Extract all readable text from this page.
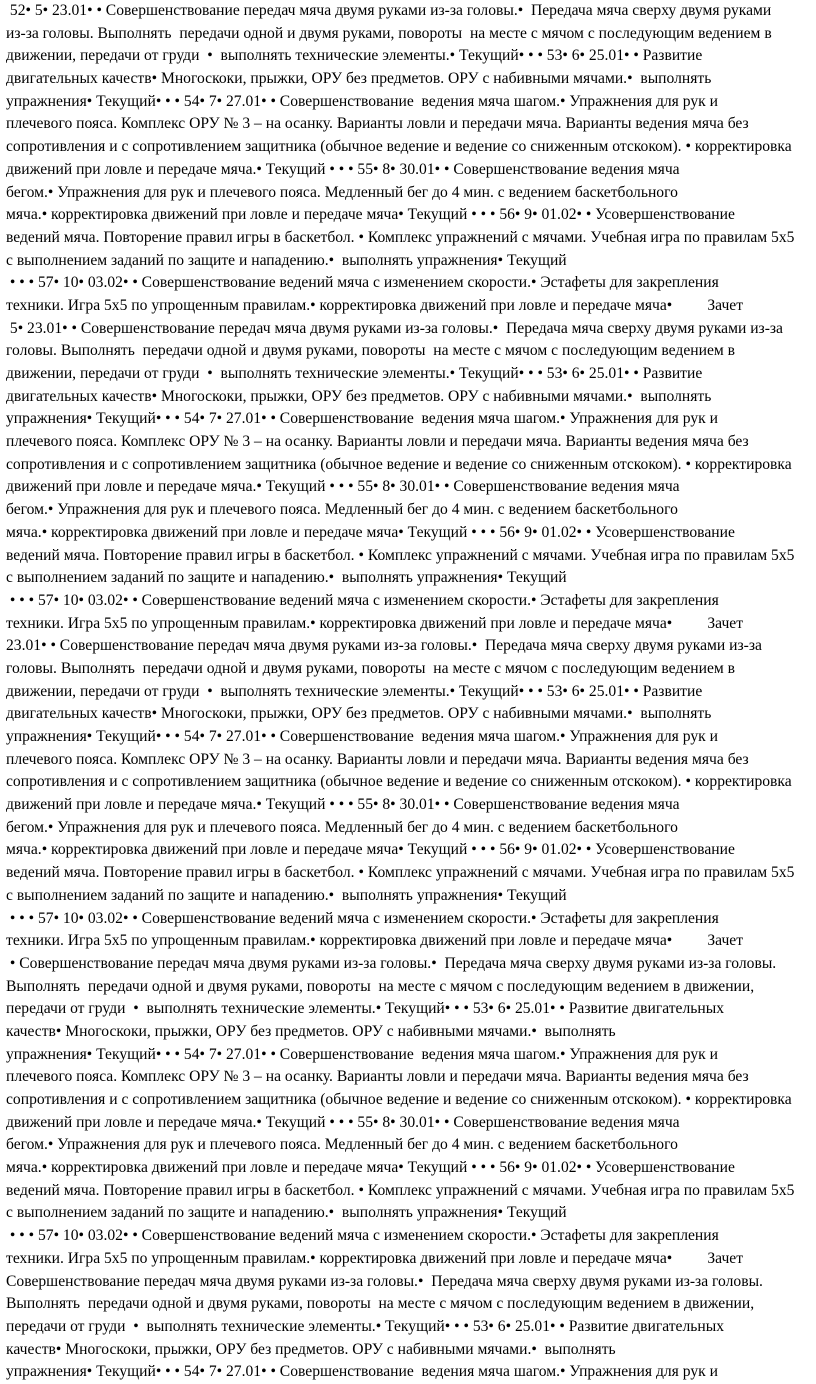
52• 5• 23.01• • Совершенствование передач мяча двумя руками из-за головы.•  Передача мяча сверху двумя руками
из-за головы. Выполнять  передачи одной и двумя руками, повороты  на месте с мячом с последующим ведением в
движении, передачи от груди  •  выполнять технические элементы.• Текущий• • • 53• 6• 25.01• • Развитие
двигательных качеств• Многоскоки, прыжки, ОРУ без предметов. ОРУ с набивными мячами.•  выполнять
упражнения• Текущий• • • 54• 7• 27.01• • Совершенствование  ведения мяча шагом.• Упражнения для рук и
плечевого пояса. Комплекс ОРУ № 3 – на осанку. Варианты ловли и передачи мяча. Варианты ведения мяча без
сопротивления и с сопротивлением защитника (обычное ведение и ведение со сниженным отскоком). • корректировка
движений при ловле и передаче мяча.• Текущий • • • 55• 8• 30.01• • Совершенствование ведения мяча
бегом.• Упражнения для рук и плечевого пояса. Медленный бег до 4 мин. с ведением баскетбольного
мяча.• корректировка движений при ловле и передаче мяча• Текущий • • • 56• 9• 01.02• • Усовершенствование
ведений мяча. Повторение правил игры в баскетбол. • Комплекс упражнений с мячами. Учебная игра по правилам 5х5
с выполнением заданий по защите и нападению.•  выполнять упражнения• Текущий
• • • 57• 10• 03.02• • Совершенствование ведений мяча с изменением скорости.• Эстафеты для закрепления
техники. Игра 5х5 по упрощенным правилам.• корректировка движений при ловле и передаче мяча•         Зачет
5• 23.01• • Совершенствование передач мяча двумя руками из-за головы.•  Передача мяча сверху двумя руками из-за
головы. Выполнять  передачи одной и двумя руками, повороты  на месте с мячом с последующим ведением в
движении, передачи от груди  •  выполнять технические элементы.• Текущий• • • 53• 6• 25.01• • Развитие
двигательных качеств• Многоскоки, прыжки, ОРУ без предметов. ОРУ с набивными мячами.•  выполнять
упражнения• Текущий• • • 54• 7• 27.01• • Совершенствование  ведения мяча шагом.• Упражнения для рук и
плечевого пояса. Комплекс ОРУ № 3 – на осанку. Варианты ловли и передачи мяча. Варианты ведения мяча без
сопротивления и с сопротивлением защитника (обычное ведение и ведение со сниженным отскоком). • корректировка
движений при ловле и передаче мяча.• Текущий • • • 55• 8• 30.01• • Совершенствование ведения мяча
бегом.• Упражнения для рук и плечевого пояса. Медленный бег до 4 мин. с ведением баскетбольного
мяча.• корректировка движений при ловле и передаче мяча• Текущий • • • 56• 9• 01.02• • Усовершенствование
ведений мяча. Повторение правил игры в баскетбол. • Комплекс упражнений с мячами. Учебная игра по правилам 5х5
с выполнением заданий по защите и нападению.•  выполнять упражнения• Текущий
• • • 57• 10• 03.02• • Совершенствование ведений мяча с изменением скорости.• Эстафеты для закрепления
техники. Игра 5х5 по упрощенным правилам.• корректировка движений при ловле и передаче мяча•         Зачет
23.01• • Совершенствование передач мяча двумя руками из-за головы.•  Передача мяча сверху двумя руками из-за
головы. Выполнять  передачи одной и двумя руками, повороты  на месте с мячом с последующим ведением в
движении, передачи от груди  •  выполнять технические элементы.• Текущий• • • 53• 6• 25.01• • Развитие
двигательных качеств• Многоскоки, прыжки, ОРУ без предметов. ОРУ с набивными мячами.•  выполнять
упражнения• Текущий• • • 54• 7• 27.01• • Совершенствование  ведения мяча шагом.• Упражнения для рук и
плечевого пояса. Комплекс ОРУ № 3 – на осанку. Варианты ловли и передачи мяча. Варианты ведения мяча без
сопротивления и с сопротивлением защитника (обычное ведение и ведение со сниженным отскоком). • корректировка
движений при ловле и передаче мяча.• Текущий • • • 55• 8• 30.01• • Совершенствование ведения мяча
бегом.• Упражнения для рук и плечевого пояса. Медленный бег до 4 мин. с ведением баскетбольного
мяча.• корректировка движений при ловле и передаче мяча• Текущий • • • 56• 9• 01.02• • Усовершенствование
ведений мяча. Повторение правил игры в баскетбол. • Комплекс упражнений с мячами. Учебная игра по правилам 5х5
с выполнением заданий по защите и нападению.•  выполнять упражнения• Текущий
• • • 57• 10• 03.02• • Совершенствование ведений мяча с изменением скорости.• Эстафеты для закрепления
техники. Игра 5х5 по упрощенным правилам.• корректировка движений при ловле и передаче мяча•         Зачет
• Совершенствование передач мяча двумя руками из-за головы.•  Передача мяча сверху двумя руками из-за головы.
Выполнять  передачи одной и двумя руками, повороты  на месте с мячом с последующим ведением в движении,
передачи от груди  •  выполнять технические элементы.• Текущий• • • 53• 6• 25.01• • Развитие двигательных
качеств• Многоскоки, прыжки, ОРУ без предметов. ОРУ с набивными мячами.•  выполнять
упражнения• Текущий• • • 54• 7• 27.01• • Совершенствование  ведения мяча шагом.• Упражнения для рук и
плечевого пояса. Комплекс ОРУ № 3 – на осанку. Варианты ловли и передачи мяча. Варианты ведения мяча без
сопротивления и с сопротивлением защитника (обычное ведение и ведение со сниженным отскоком). • корректировка
движений при ловле и передаче мяча.• Текущий • • • 55• 8• 30.01• • Совершенствование ведения мяча
бегом.• Упражнения для рук и плечевого пояса. Медленный бег до 4 мин. с ведением баскетбольного
мяча.• корректировка движений при ловле и передаче мяча• Текущий • • • 56• 9• 01.02• • Усовершенствование
ведений мяча. Повторение правил игры в баскетбол. • Комплекс упражнений с мячами. Учебная игра по правилам 5х5
с выполнением заданий по защите и нападению.•  выполнять упражнения• Текущий
• • • 57• 10• 03.02• • Совершенствование ведений мяча с изменением скорости.• Эстафеты для закрепления
техники. Игра 5х5 по упрощенным правилам.• корректировка движений при ловле и передаче мяча•         Зачет
Совершенствование передач мяча двумя руками из-за головы.•  Передача мяча сверху двумя руками из-за головы.
Выполнять  передачи одной и двумя руками, повороты  на месте с мячом с последующим ведением в движении,
передачи от груди  •  выполнять технические элементы.• Текущий• • • 53• 6• 25.01• • Развитие двигательных
качеств• Многоскоки, прыжки, ОРУ без предметов. ОРУ с набивными мячами.•  выполнять
упражнения• Текущий• • • 54• 7• 27.01• • Совершенствование  ведения мяча шагом.• Упражнения для рук и
